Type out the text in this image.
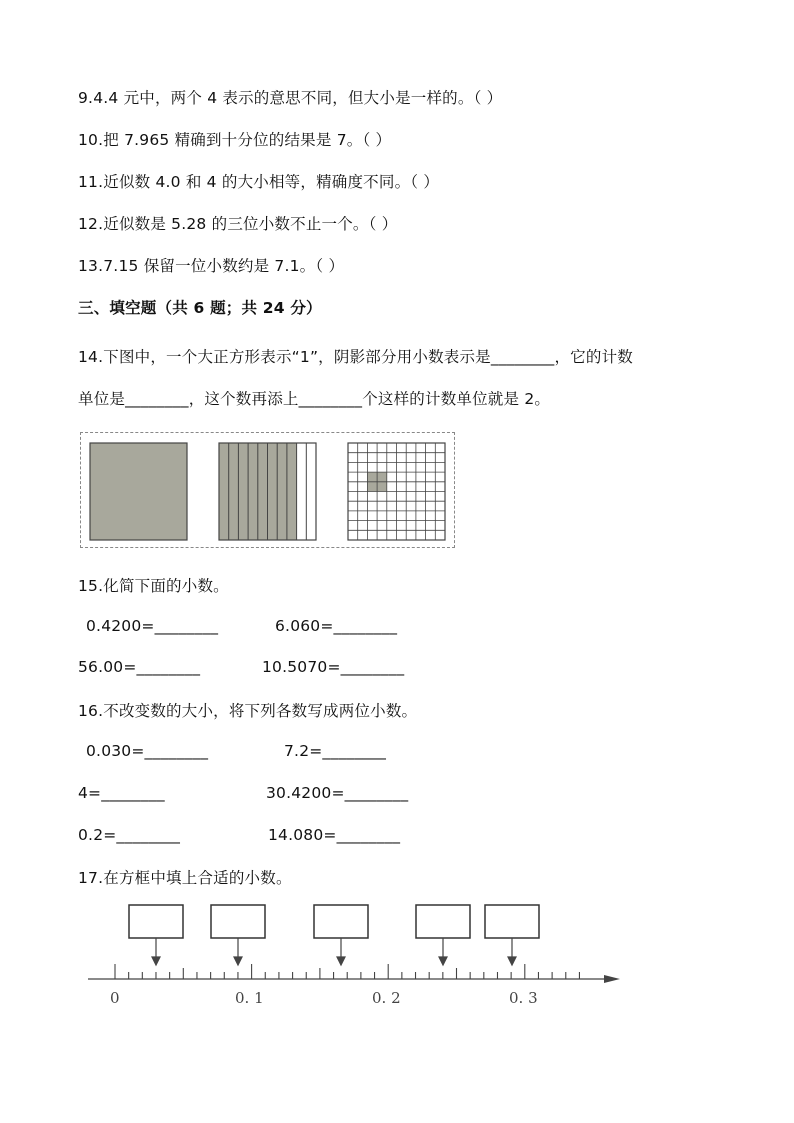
9.4.4 元中，两个 4 表示的意思不同，但大小是一样的。（ ）
10.把 7.965 精确到十分位的结果是 7。（ ）
11.近似数 4.0 和 4 的大小相等，精确度不同。（ ）
12.近似数是 5.28 的三位小数不止一个。（ ）
13.7.15 保留一位小数约是 7.1。（ ）
三、填空题（共 6 题；共 24 分）
14.下图中，一个大正方形表示“1”，阴影部分用小数表示是________，它的计数
单位是________，这个数再添上________个这样的计数单位就是 2。
15.化简下面的小数。
0.4200=________	6.060=________
56.00=________	10.5070=________
16.不改变数的大小，将下列各数写成两位小数。
0.030=________	7.2=________
4=________	30.4200=________
0.2=________	14.080=________
17.在方框中填上合适的小数。
0	0. 1	0. 2	0. 3
